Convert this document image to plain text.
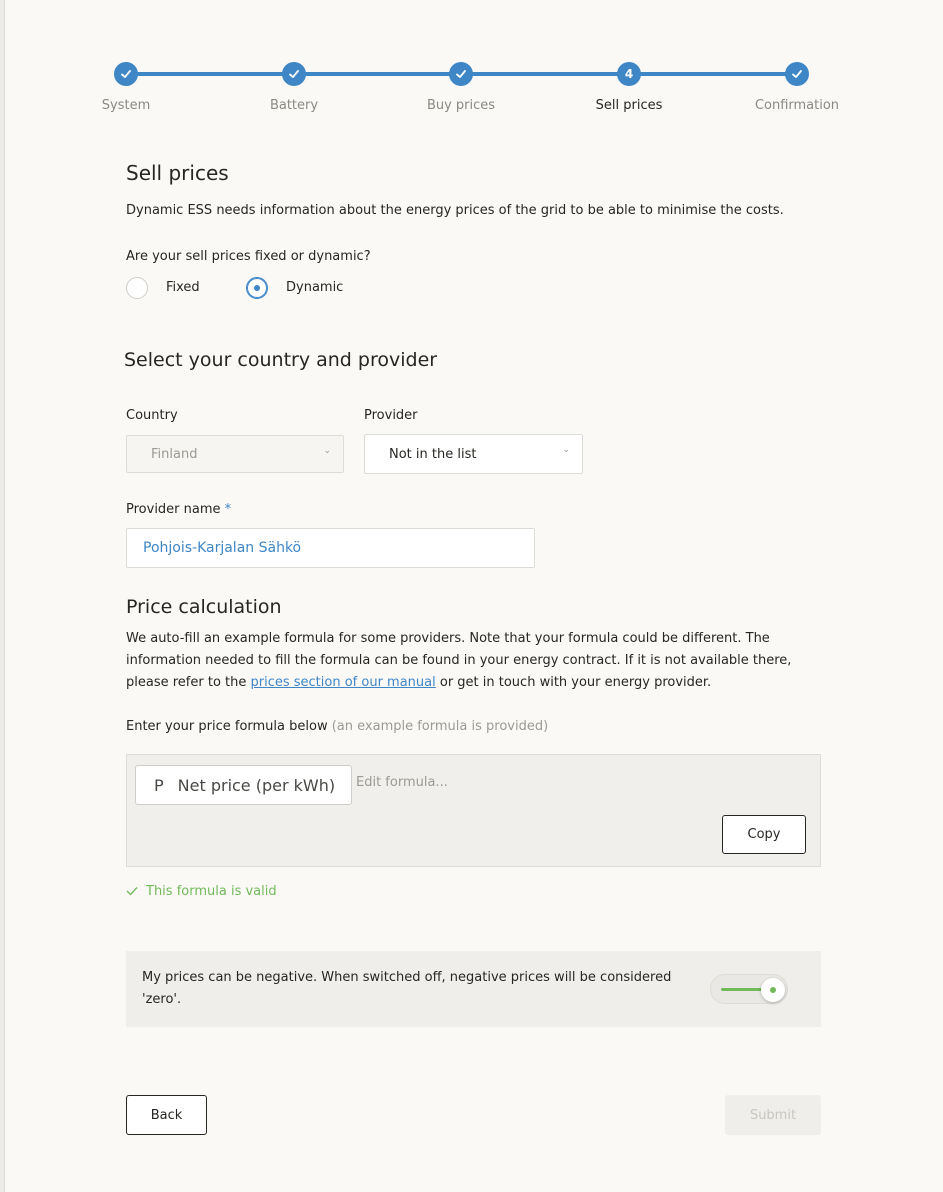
System	Battery	Buy prices
4
Sell prices	Confirmation
Sell prices
Dynamic ESS needs information about the energy prices of the grid to be able to minimise the costs.
Are your sell prices fixed or dynamic?
Fixed	Dynamic
Select your country and provider
Country
Finland	⌄
Provider
Not in the list	⌄
Provider name *
Pohjois-Karjalan Sähkö
Price calculation
We auto-fill an example formula for some providers. Note that your formula could be different. The information needed to fill the formula can be found in your energy contract. If it is not available there, please refer to the prices section of our manual or get in touch with your energy provider.
Enter your price formula below (an example formula is provided)
P Net price (per kWh) Edit formula...
Copy
This formula is valid
My prices can be negative. When switched off, negative prices will be considered 'zero'.
Back	Submit
